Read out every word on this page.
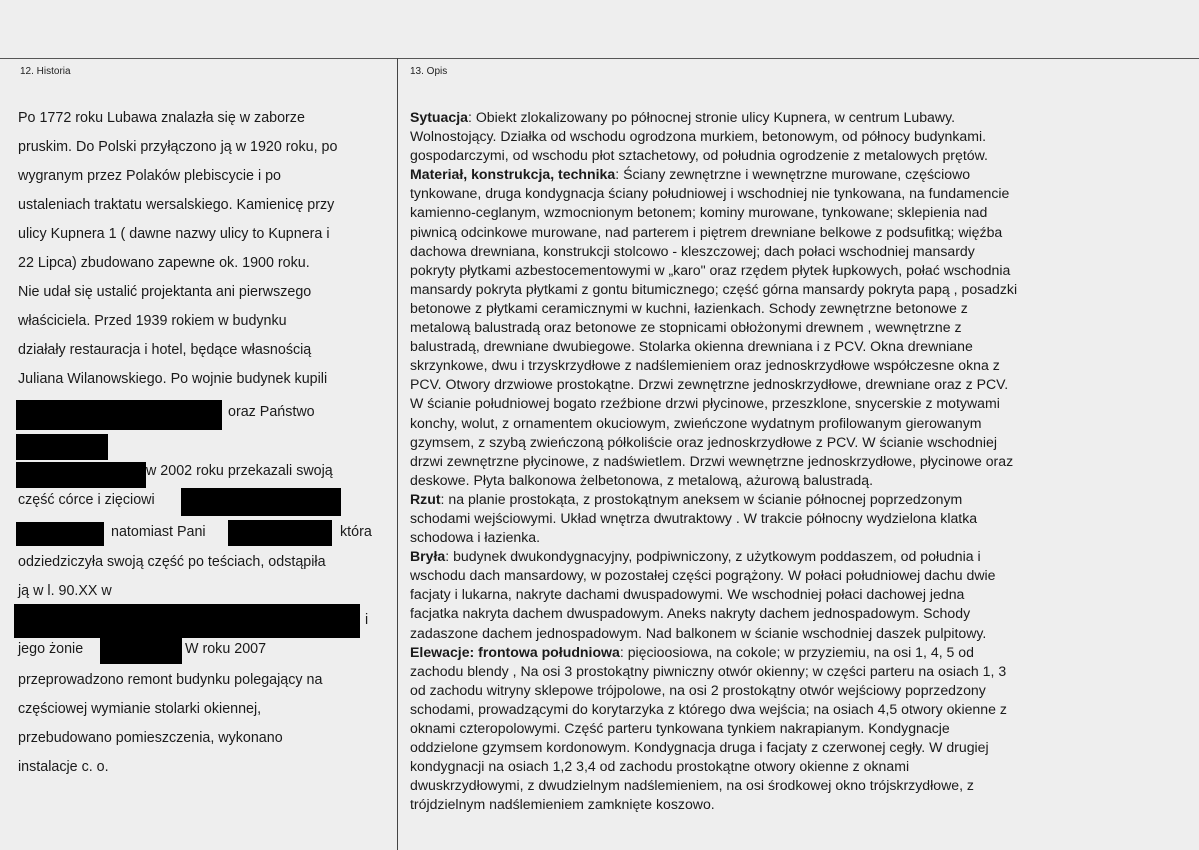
12. Historia	13. Opis
Po 1772 roku Lubawa znalazła się w zaborze
pruskim. Do Polski przyłączono ją w 1920 roku, po
wygranym przez Polaków plebiscycie i po
ustaleniach traktatu wersalskiego. Kamienicę przy
ulicy Kupnera 1 ( dawne nazwy ulicy to Kupnera i
22 Lipca) zbudowano zapewne ok. 1900 roku.
Nie udał się ustalić projektanta ani pierwszego
właściciela. Przed 1939 rokiem w budynku
działały restauracja i hotel, będące własnością
Juliana Wilanowskiego. Po wojnie budynek kupili
oraz Państwo
w 2002 roku przekazali swoją
część córce i zięciowi
natomiast Pani	która
odziedziczyła swoją część po teściach, odstąpiła
ją w l. 90.XX w
i
jego żonie	W roku 2007
przeprowadzono remont budynku polegający na
częściowej wymianie stolarki okiennej,
przebudowano pomieszczenia, wykonano
instalacje c. o.
Sytuacja: Obiekt zlokalizowany po północnej stronie ulicy Kupnera, w centrum Lubawy.
Wolnostojący. Działka od wschodu ogrodzona murkiem, betonowym, od północy budynkami.
gospodarczymi, od wschodu płot sztachetowy, od południa ogrodzenie z metalowych prętów.
Materiał, konstrukcja, technika: Ściany zewnętrzne i wewnętrzne murowane, częściowo
tynkowane, druga kondygnacja ściany południowej i wschodniej nie tynkowana, na fundamencie
kamienno-ceglanym, wzmocnionym betonem; kominy murowane, tynkowane; sklepienia nad
piwnicą odcinkowe murowane, nad parterem i piętrem drewniane belkowe z podsufitką; więźba
dachowa drewniana, konstrukcji stolcowo - kleszczowej; dach połaci wschodniej mansardy
pokryty płytkami azbestocementowymi w „karo" oraz rzędem płytek łupkowych, połać wschodnia
mansardy pokryta płytkami z gontu bitumicznego; część górna mansardy pokryta papą , posadzki
betonowe z płytkami ceramicznymi w kuchni, łazienkach. Schody zewnętrzne betonowe z
metalową balustradą oraz betonowe ze stopnicami obłożonymi drewnem , wewnętrzne z
balustradą, drewniane dwubiegowe. Stolarka okienna drewniana i z PCV. Okna drewniane
skrzynkowe, dwu i trzyskrzydłowe z nadślemieniem oraz jednoskrzydłowe współczesne okna z
PCV. Otwory drzwiowe prostokątne. Drzwi zewnętrzne jednoskrzydłowe, drewniane oraz z PCV.
W ścianie południowej bogato rzeźbione drzwi płycinowe, przeszklone, snycerskie z motywami
konchy, wolut, z ornamentem okuciowym, zwieńczone wydatnym profilowanym gierowanym
gzymsem, z szybą zwieńczoną półkoliście oraz jednoskrzydłowe z PCV. W ścianie wschodniej
drzwi zewnętrzne płycinowe, z nadświetlem. Drzwi wewnętrzne jednoskrzydłowe, płycinowe oraz
deskowe. Płyta balkonowa żelbetonowa, z metalową, ażurową balustradą.
Rzut: na planie prostokąta, z prostokątnym aneksem w ścianie północnej poprzedzonym
schodami wejściowymi. Układ wnętrza dwutraktowy . W trakcie północny wydzielona klatka
schodowa i łazienka.
Bryła: budynek dwukondygnacyjny, podpiwniczony, z użytkowym poddaszem, od południa i
wschodu dach mansardowy, w pozostałej części pogrążony. W połaci południowej dachu dwie
facjaty i lukarna, nakryte dachami dwuspadowymi. We wschodniej połaci dachowej jedna
facjatka nakryta dachem dwuspadowym. Aneks nakryty dachem jednospadowym. Schody
zadaszone dachem jednospadowym. Nad balkonem w ścianie wschodniej daszek pulpitowy.
Elewacje: frontowa południowa: pięcioosiowa, na cokole; w przyziemiu, na osi 1, 4, 5 od
zachodu blendy , Na osi 3 prostokątny piwniczny otwór okienny; w części parteru na osiach 1, 3
od zachodu witryny sklepowe trójpolowe, na osi 2 prostokątny otwór wejściowy poprzedzony
schodami, prowadzącymi do korytarzyka z którego dwa wejścia; na osiach 4,5 otwory okienne z
oknami czteropolowymi. Część parteru tynkowana tynkiem nakrapianym. Kondygnacje
oddzielone gzymsem kordonowym. Kondygnacja druga i facjaty z czerwonej cegły. W drugiej
kondygnacji na osiach 1,2 3,4 od zachodu prostokątne otwory okienne z oknami
dwuskrzydłowymi, z dwudzielnym nadślemieniem, na osi środkowej okno trójskrzydłowe, z
trójdzielnym nadślemieniem zamknięte koszowo.
